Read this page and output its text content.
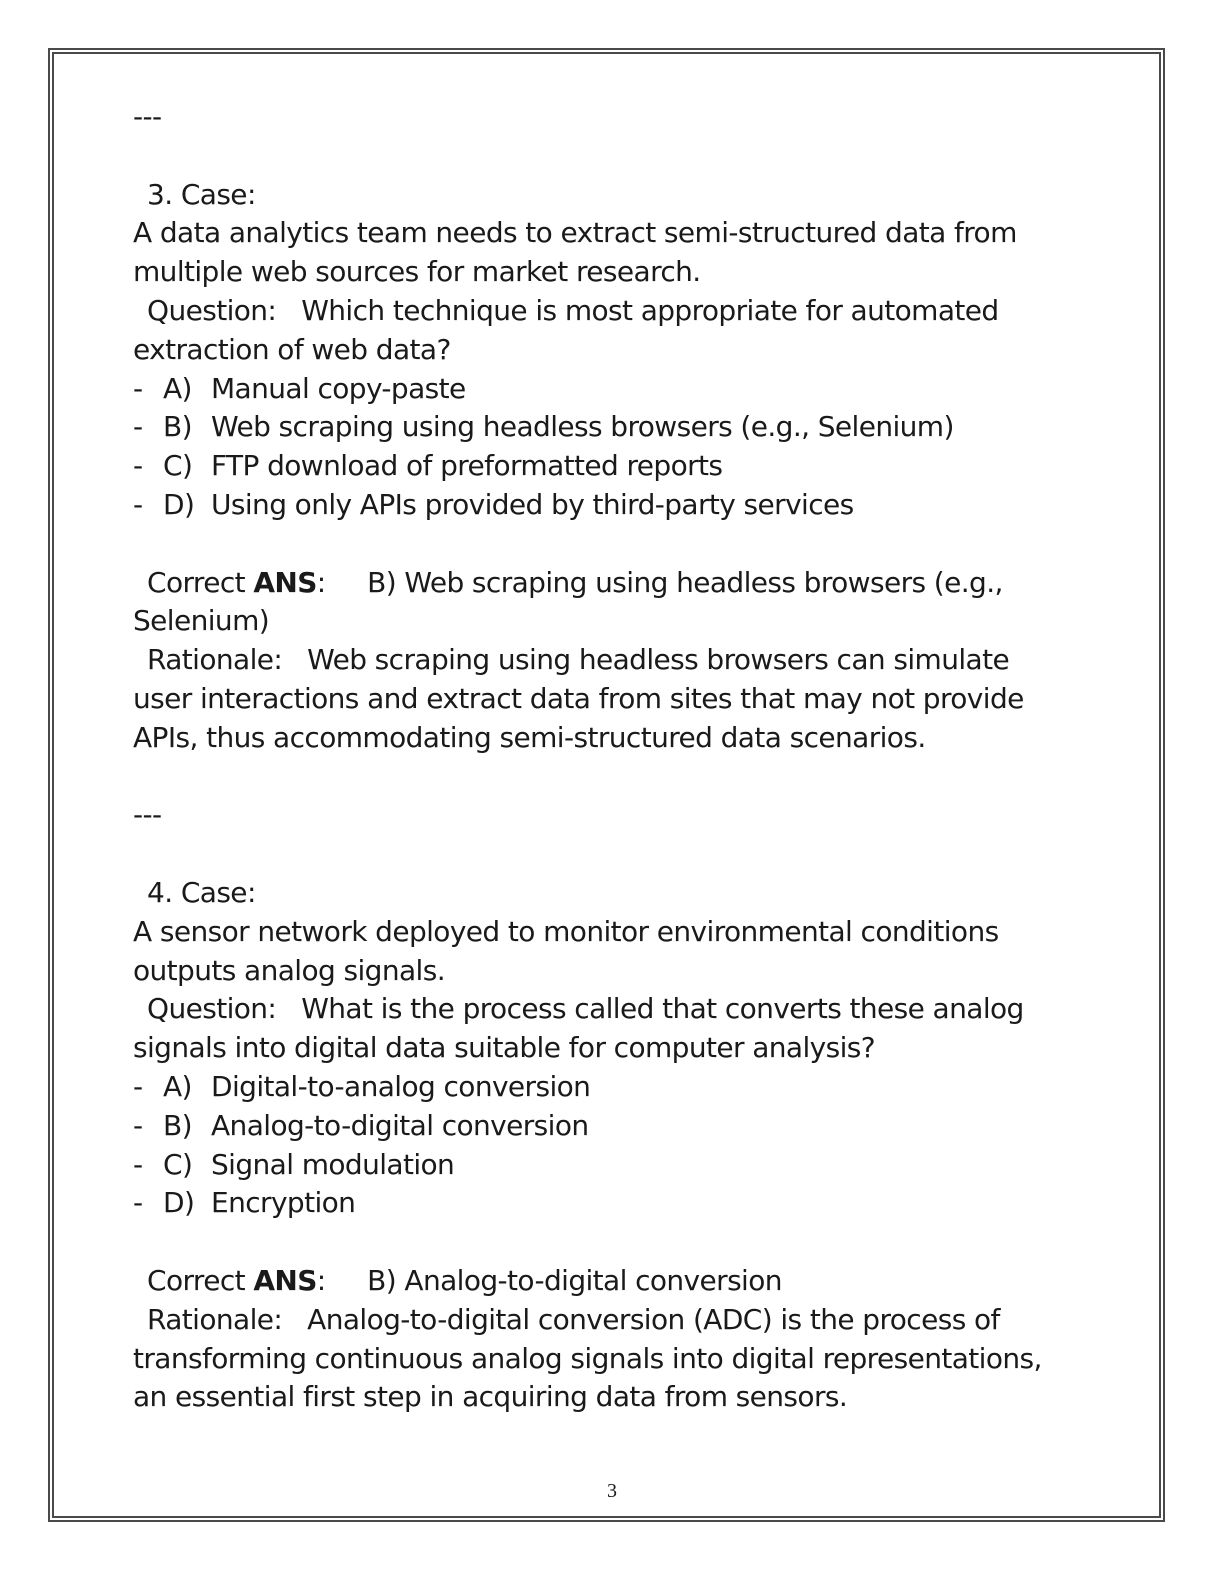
---
3. Case:
A data analytics team needs to extract semi-structured data from
multiple web sources for market research.
Question: Which technique is most appropriate for automated
extraction of web data?
- A) Manual copy-paste
- B) Web scraping using headless browsers (e.g., Selenium)
- C) FTP download of preformatted reports
- D) Using only APIs provided by third-party services
Correct ANS: B) Web scraping using headless browsers (e.g.,
Selenium)
Rationale: Web scraping using headless browsers can simulate
user interactions and extract data from sites that may not provide
APIs, thus accommodating semi-structured data scenarios.
---
4. Case:
A sensor network deployed to monitor environmental conditions
outputs analog signals.
Question: What is the process called that converts these analog
signals into digital data suitable for computer analysis?
- A) Digital-to-analog conversion
- B) Analog-to-digital conversion
- C) Signal modulation
- D) Encryption
Correct ANS: B) Analog-to-digital conversion
Rationale: Analog-to-digital conversion (ADC) is the process of
transforming continuous analog signals into digital representations,
an essential first step in acquiring data from sensors.
3
